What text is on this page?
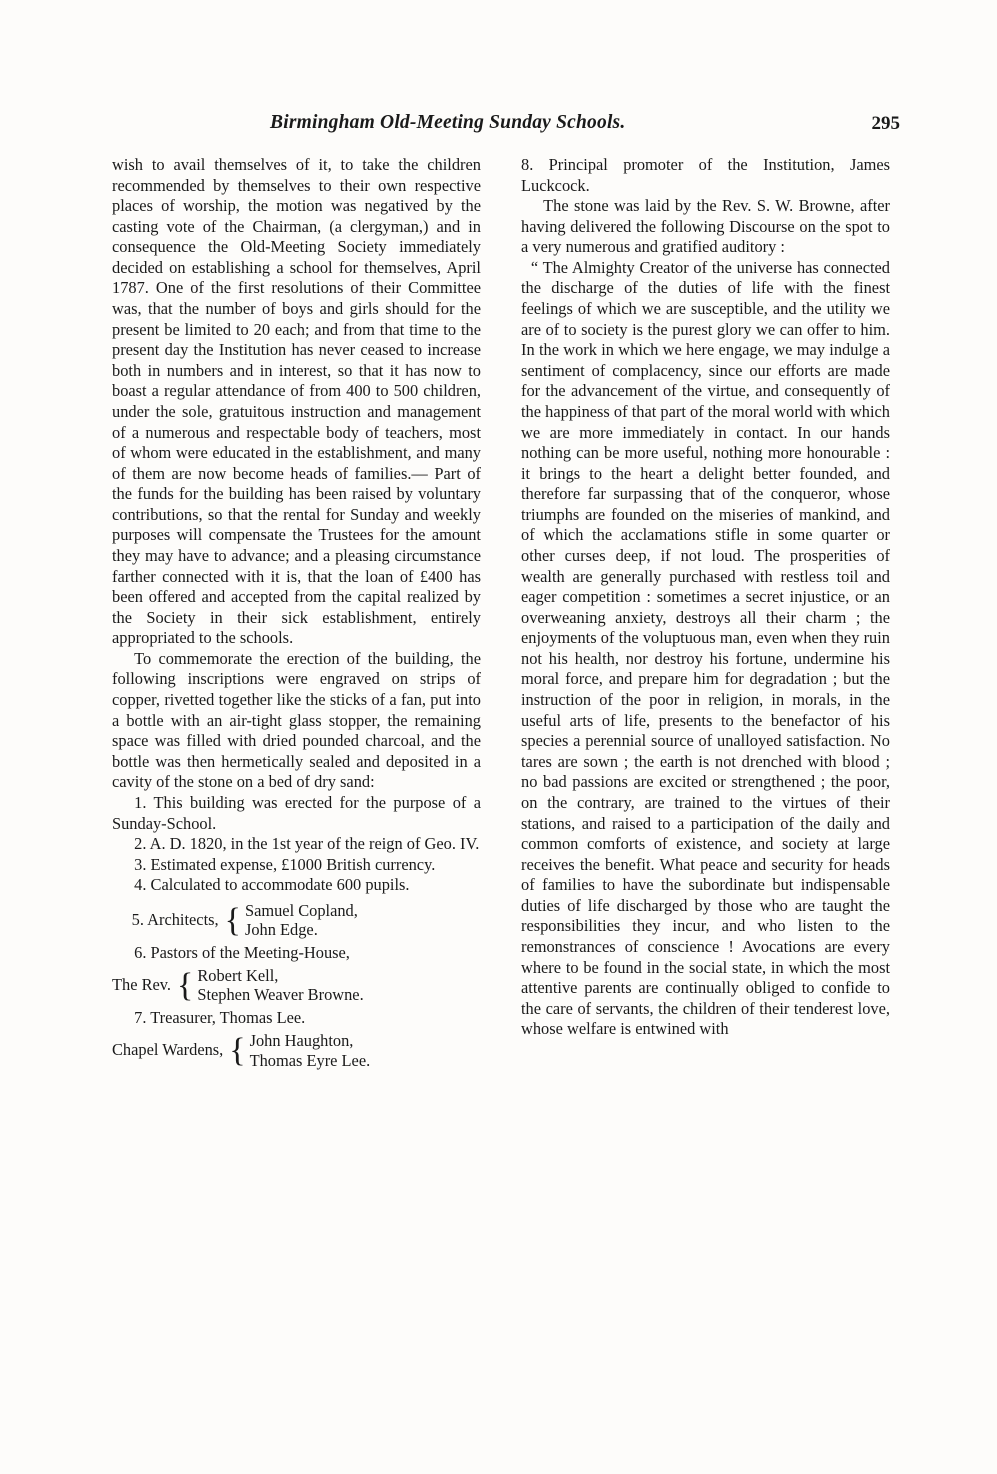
Birmingham Old-Meeting Sunday Schools.	295

wish to avail themselves of it, to take the children recommended by themselves to their own respective places of worship, the motion was negatived by the casting vote of the Chairman, (a clergyman,) and in consequence the Old-Meeting Society immediately decided on establishing a school for themselves, April 1787. One of the first resolutions of their Committee was, that the number of boys and girls should for the present be limited to 20 each; and from that time to the present day the Institution has never ceased to increase both in numbers and in interest, so that it has now to boast a regular attendance of from 400 to 500 children, under the sole, gratuitous instruction and management of a numerous and respectable body of teachers, most of whom were educated in the establishment, and many of them are now become heads of families.— Part of the funds for the building has been raised by voluntary contributions, so that the rental for Sunday and weekly purposes will compensate the Trustees for the amount they may have to advance; and a pleasing circumstance farther connected with it is, that the loan of £400 has been offered and accepted from the capital realized by the Society in their sick establishment, entirely appropriated to the schools.

To commemorate the erection of the building, the following inscriptions were engraved on strips of copper, rivetted together like the sticks of a fan, put into a bottle with an air-tight glass stopper, the remaining space was filled with dried pounded charcoal, and the bottle was then hermetically sealed and deposited in a cavity of the stone on a bed of dry sand:

1. This building was erected for the purpose of a Sunday-School.

2. A. D. 1820, in the 1st year of the reign of Geo. IV.

3. Estimated expense, £1000 British currency.

4. Calculated to accommodate 600 pupils.

5. Architects, { Samuel Copland,
John Edge.

6. Pastors of the Meeting-House,

The Rev. { Robert Kell,
Stephen Weaver Browne.

7. Treasurer, Thomas Lee.

Chapel Wardens, { John Haughton,
Thomas Eyre Lee.

8. Principal promoter of the Institution, James Luckcock.

The stone was laid by the Rev. S. W. Browne, after having delivered the following Discourse on the spot to a very numerous and gratified auditory :

“ The Almighty Creator of the universe has connected the discharge of the duties of life with the finest feelings of which we are susceptible, and the utility we are of to society is the purest glory we can offer to him. In the work in which we here engage, we may indulge a sentiment of complacency, since our efforts are made for the advancement of the virtue, and consequently of the happiness of that part of the moral world with which we are more immediately in contact. In our hands nothing can be more useful, nothing more honourable : it brings to the heart a delight better founded, and therefore far surpassing that of the conqueror, whose triumphs are founded on the miseries of mankind, and of which the acclamations stifle in some quarter or other curses deep, if not loud. The prosperities of wealth are generally purchased with restless toil and eager competition : sometimes a secret injustice, or an overweaning anxiety, destroys all their charm ; the enjoyments of the voluptuous man, even when they ruin not his health, nor destroy his fortune, undermine his moral force, and prepare him for degradation ; but the instruction of the poor in religion, in morals, in the useful arts of life, presents to the benefactor of his species a perennial source of unalloyed satisfaction. No tares are sown ; the earth is not drenched with blood ; no bad passions are excited or strengthened ; the poor, on the contrary, are trained to the virtues of their stations, and raised to a participation of the daily and common comforts of existence, and society at large receives the benefit. What peace and security for heads of families to have the subordinate but indispensable duties of life discharged by those who are taught the responsibilities they incur, and who listen to the remonstrances of conscience ! Avocations are every where to be found in the social state, in which the most attentive parents are continually obliged to confide to the care of servants, the children of their tenderest love, whose welfare is entwined with
